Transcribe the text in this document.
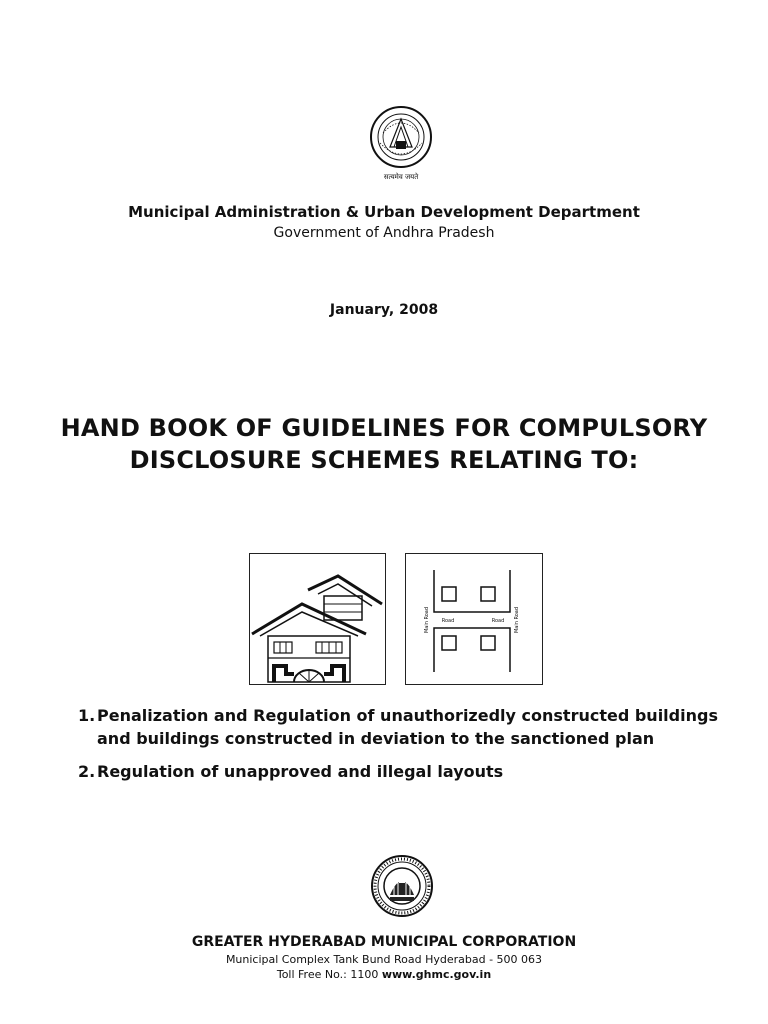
सत्यमेव जयते
Municipal Administration & Urban Development Department
Government of Andhra Pradesh
January, 2008
HAND BOOK OF GUIDELINES FOR COMPULSORY
DISCLOSURE SCHEMES RELATING TO:
Road	Road
Main Road	Main Road
1. Penalization and Regulation of unauthorizedly constructed buildings
and buildings constructed in deviation to the sanctioned plan
2. Regulation of unapproved and illegal layouts
GREATER HYDERABAD MUNICIPAL CORPORATION
Municipal Complex Tank Bund Road Hyderabad - 500 063
Toll Free No.: 1100 www.ghmc.gov.in
